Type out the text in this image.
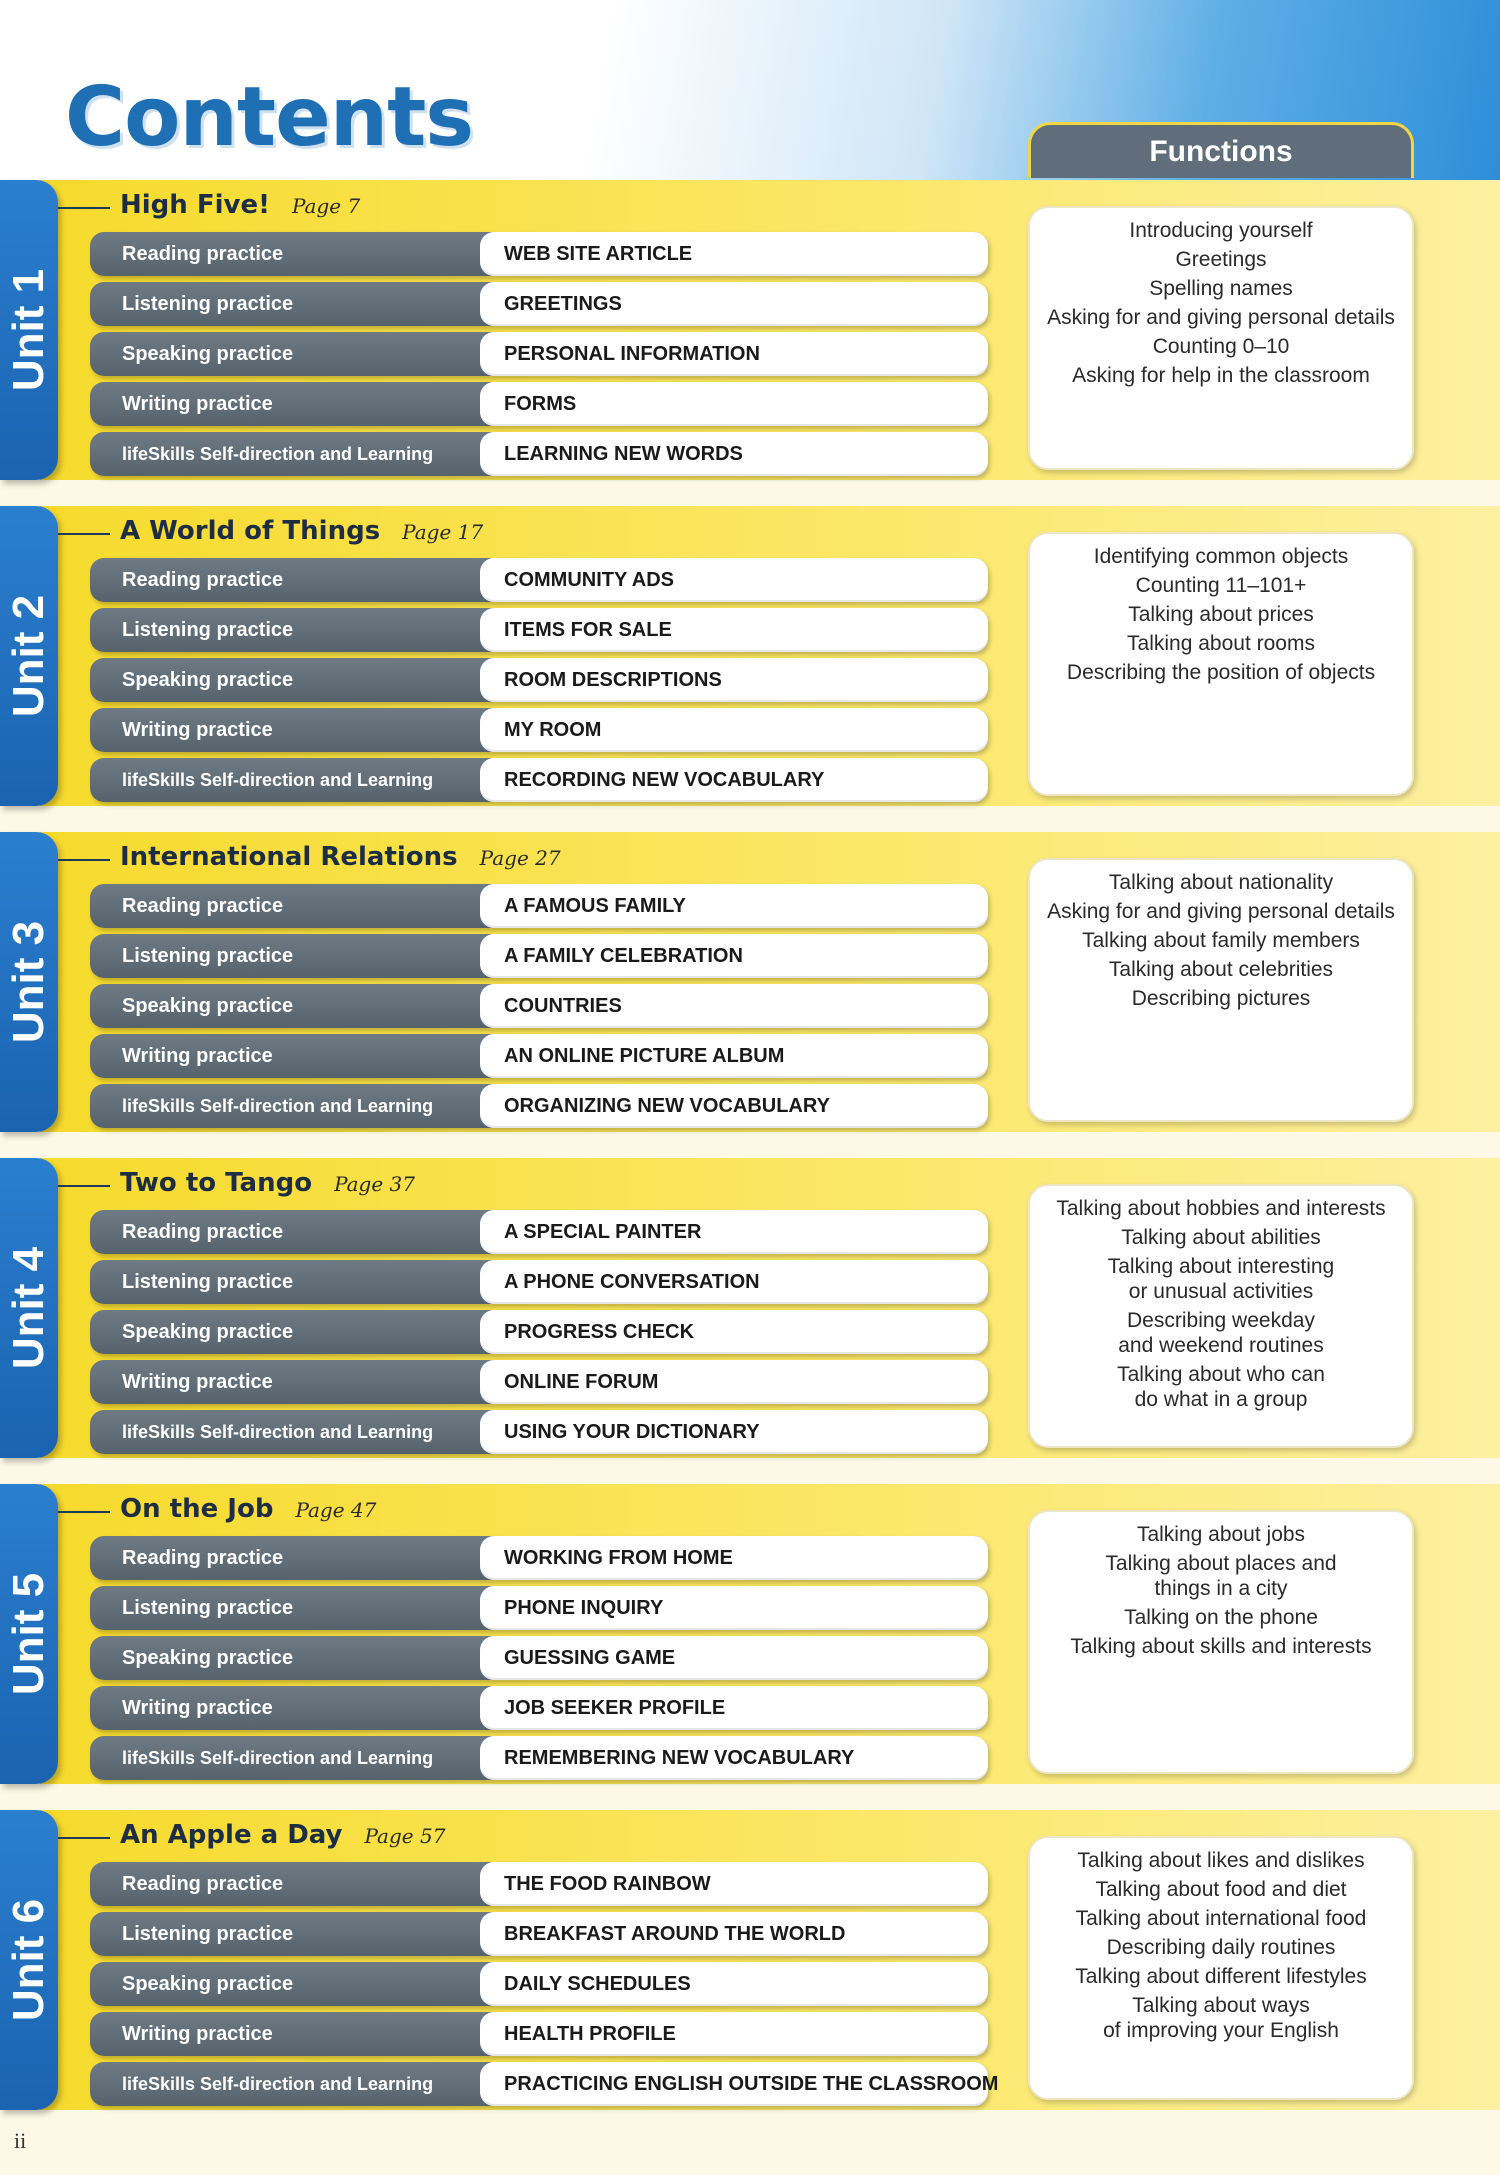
Contents	Functions
Unit 1
High Five! Page 7
Reading practice	WEB SITE ARTICLE
Listening practice	GREETINGS
Speaking practice	PERSONAL INFORMATION
Writing practice	FORMS
lifeSkills Self-direction and Learning	LEARNING NEW WORDS
Introducing yourself
Greetings
Spelling names
Asking for and giving personal details
Counting 0–10
Asking for help in the classroom
Unit 2
A World of Things Page 17
Reading practice	COMMUNITY ADS
Listening practice	ITEMS FOR SALE
Speaking practice	ROOM DESCRIPTIONS
Writing practice	MY ROOM
lifeSkills Self-direction and Learning	RECORDING NEW VOCABULARY
Identifying common objects
Counting 11–101+
Talking about prices
Talking about rooms
Describing the position of objects
Unit 3
International Relations Page 27
Reading practice	A FAMOUS FAMILY
Listening practice	A FAMILY CELEBRATION
Speaking practice	COUNTRIES
Writing practice	AN ONLINE PICTURE ALBUM
lifeSkills Self-direction and Learning	ORGANIZING NEW VOCABULARY
Talking about nationality
Asking for and giving personal details
Talking about family members
Talking about celebrities
Describing pictures
Unit 4
Two to Tango Page 37
Reading practice	A SPECIAL PAINTER
Listening practice	A PHONE CONVERSATION
Speaking practice	PROGRESS CHECK
Writing practice	ONLINE FORUM
lifeSkills Self-direction and Learning	USING YOUR DICTIONARY
Talking about hobbies and interests
Talking about abilities
Talking about interesting
or unusual activities
Describing weekday
and weekend routines
Talking about who can
do what in a group
Unit 5
On the Job Page 47
Reading practice	WORKING FROM HOME
Listening practice	PHONE INQUIRY
Speaking practice	GUESSING GAME
Writing practice	JOB SEEKER PROFILE
lifeSkills Self-direction and Learning	REMEMBERING NEW VOCABULARY
Talking about jobs
Talking about places and
things in a city
Talking on the phone
Talking about skills and interests
Unit 6
An Apple a Day Page 57
Reading practice	THE FOOD RAINBOW
Listening practice	BREAKFAST AROUND THE WORLD
Speaking practice	DAILY SCHEDULES
Writing practice	HEALTH PROFILE
lifeSkills Self-direction and Learning	PRACTICING ENGLISH OUTSIDE THE CLASSROOM
Talking about likes and dislikes
Talking about food and diet
Talking about international food
Describing daily routines
Talking about different lifestyles
Talking about ways
of improving your English
ii
